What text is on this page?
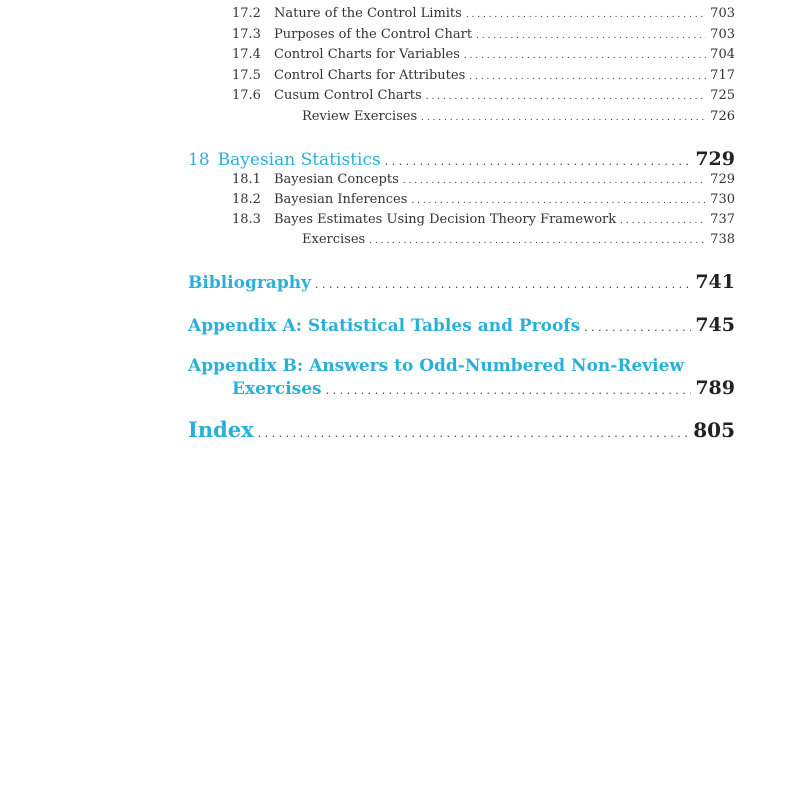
17.2	Nature of the Control Limits . . .	703
17.3	Purposes of the Control Chart . . .	703
17.4	Control Charts for Variables . . .	704
17.5	Control Charts for Attributes . . .	717
17.6	Cusum Control Charts . . .	725
Review Exercises . . .	726
18 Bayesian Statistics . . .	729
18.1	Bayesian Concepts . . .	729
18.2	Bayesian Inferences . . .	730
18.3	Bayes Estimates Using Decision Theory Framework . . .	737
Exercises . . .	738
Bibliography . . .	741
Appendix A: Statistical Tables and Proofs . . .	745
Appendix B: Answers to Odd-Numbered Non-Review
Exercises . . .	789
Index . . .	805
